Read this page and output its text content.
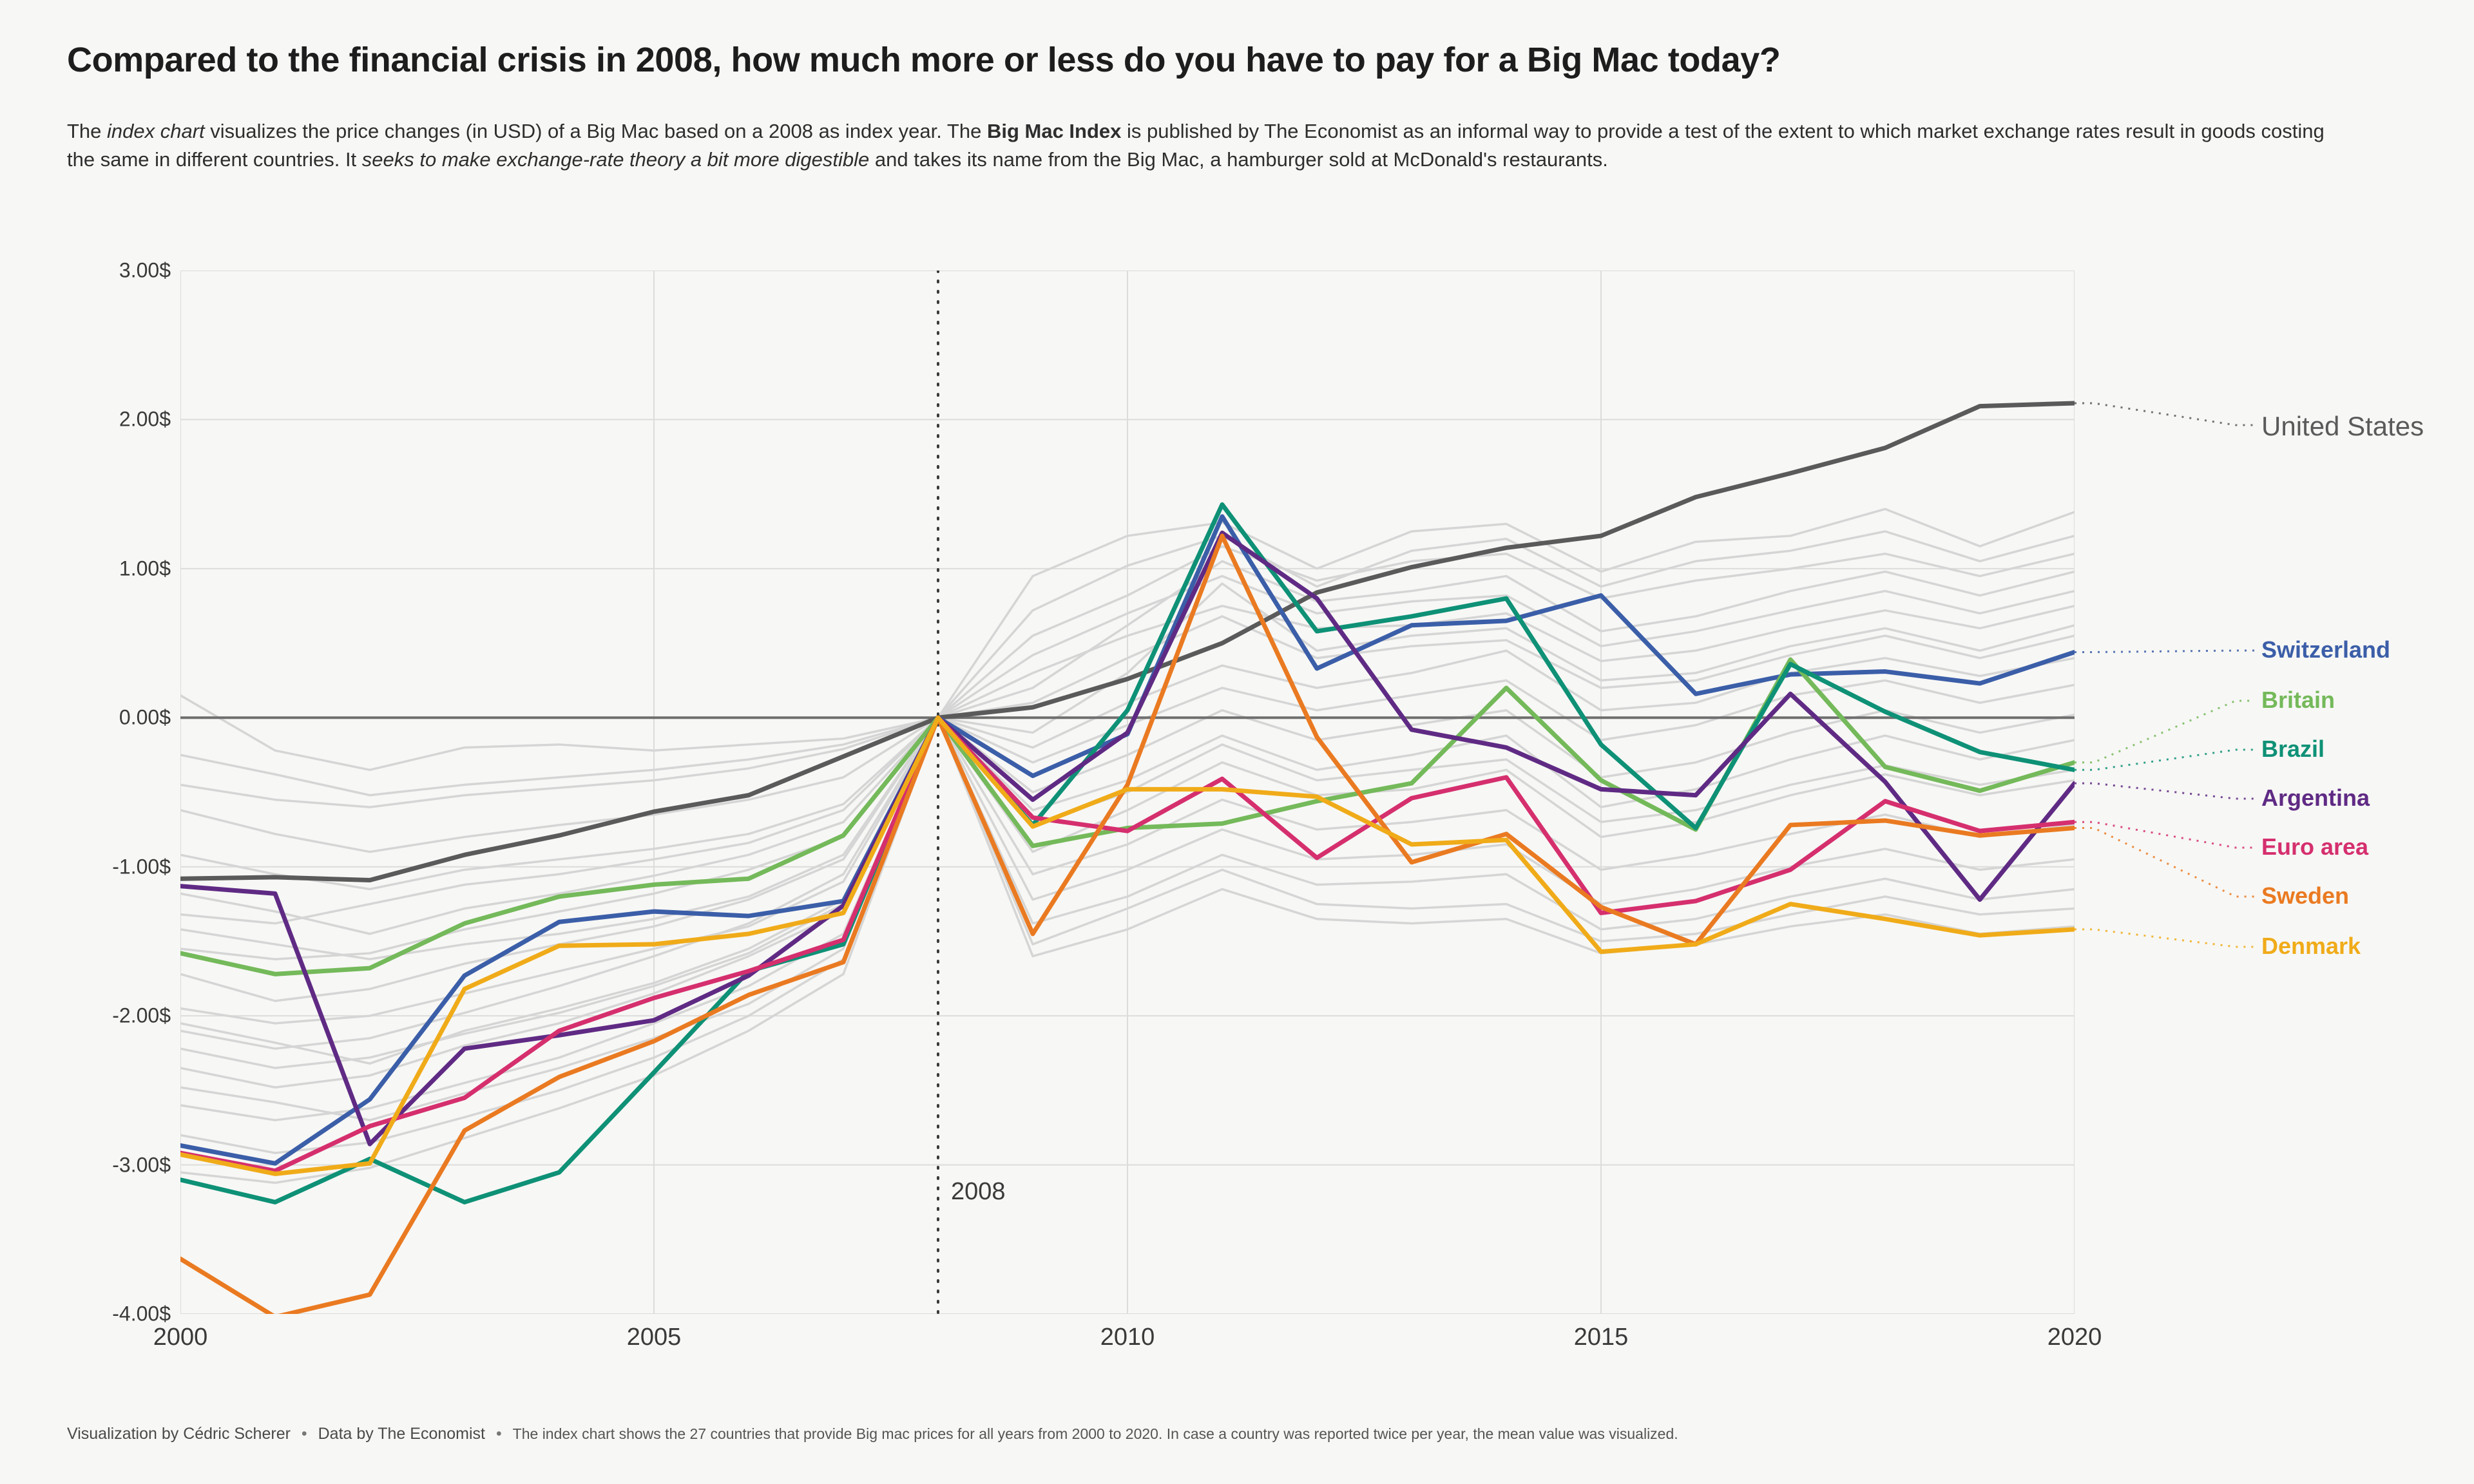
Compared to the financial crisis in 2008, how much more or less do you have to pay for a Big Mac today?
The index chart visualizes the price changes (in USD) of a Big Mac based on a 2008 as index year. The Big Mac Index is published by The Economist as an informal way to provide a test of the extent to which market exchange rates result in goods costing the same in different countries. It seeks to make exchange-rate theory a bit more digestible and takes its name from the Big Mac, a hamburger sold at McDonald's restaurants.
-4.00$
-3.00$
-2.00$
-1.00$
0.00$
1.00$
2.00$
3.00$
2000	2005	2010	2015	2020
Visualization by Cédric Scherer • Data by The Economist • The index chart shows the 27 countries that provide Big mac prices for all years from 2000 to 2020. In case a country was reported twice per year, the mean value was visualized.
2008
United States
Switzerland
Britain
Brazil
Argentina
Euro area
Sweden
Denmark
